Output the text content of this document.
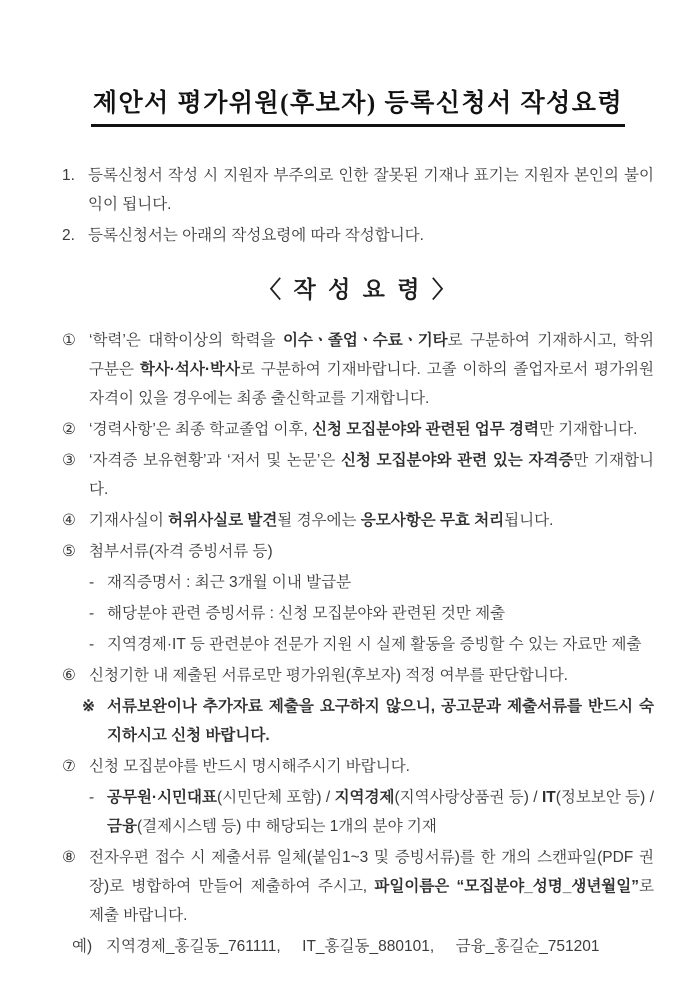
제안서 평가위원(후보자) 등록신청서 작성요령
1. 등록신청서 작성 시 지원자 부주의로 인한 잘못된 기재나 표기는 지원자 본인의 불이익이 됩니다.
2. 등록신청서는 아래의 작성요령에 따라 작성합니다.
〈 작 성 요 령 〉
① ‘학력’은 대학이상의 학력을 이수ㆍ졸업ㆍ수료ㆍ기타로 구분하여 기재하시고, 학위 구분은 학사·석사·박사로 구분하여 기재바랍니다. 고졸 이하의 졸업자로서 평가위원 자격이 있을 경우에는 최종 출신학교를 기재합니다.
② ‘경력사항’은 최종 학교졸업 이후, 신청 모집분야와 관련된 업무 경력만 기재합니다.
③ ‘자격증 보유현황’과 ‘저서 및 논문’은 신청 모집분야와 관련 있는 자격증만 기재합니다.
④ 기재사실이 허위사실로 발견될 경우에는 응모사항은 무효 처리됩니다.
⑤ 첨부서류(자격 증빙서류 등)
- 재직증명서 : 최근 3개월 이내 발급분
- 해당분야 관련 증빙서류 : 신청 모집분야와 관련된 것만 제출
- 지역경제·IT 등 관련분야 전문가 지원 시 실제 활동을 증빙할 수 있는 자료만 제출
⑥ 신청기한 내 제출된 서류로만 평가위원(후보자) 적정 여부를 판단합니다.
※ 서류보완이나 추가자료 제출을 요구하지 않으니, 공고문과 제출서류를 반드시 숙지하시고 신청 바랍니다.
⑦ 신청 모집분야를 반드시 명시해주시기 바랍니다.
- 공무원·시민대표(시민단체 포함) / 지역경제(지역사랑상품권 등) / IT(정보보안 등) / 금융(결제시스템 등) 中 해당되는 1개의 분야 기재
⑧ 전자우편 접수 시 제출서류 일체(붙임1~3 및 증빙서류)를 한 개의 스캔파일(PDF 권장)로 병합하여 만들어 제출하여 주시고, 파일이름은 “모집분야_성명_생년월일”로 제출 바랍니다.
예) 지역경제_홍길동_761111,     IT_홍길동_880101,     금융_홍길순_751201
